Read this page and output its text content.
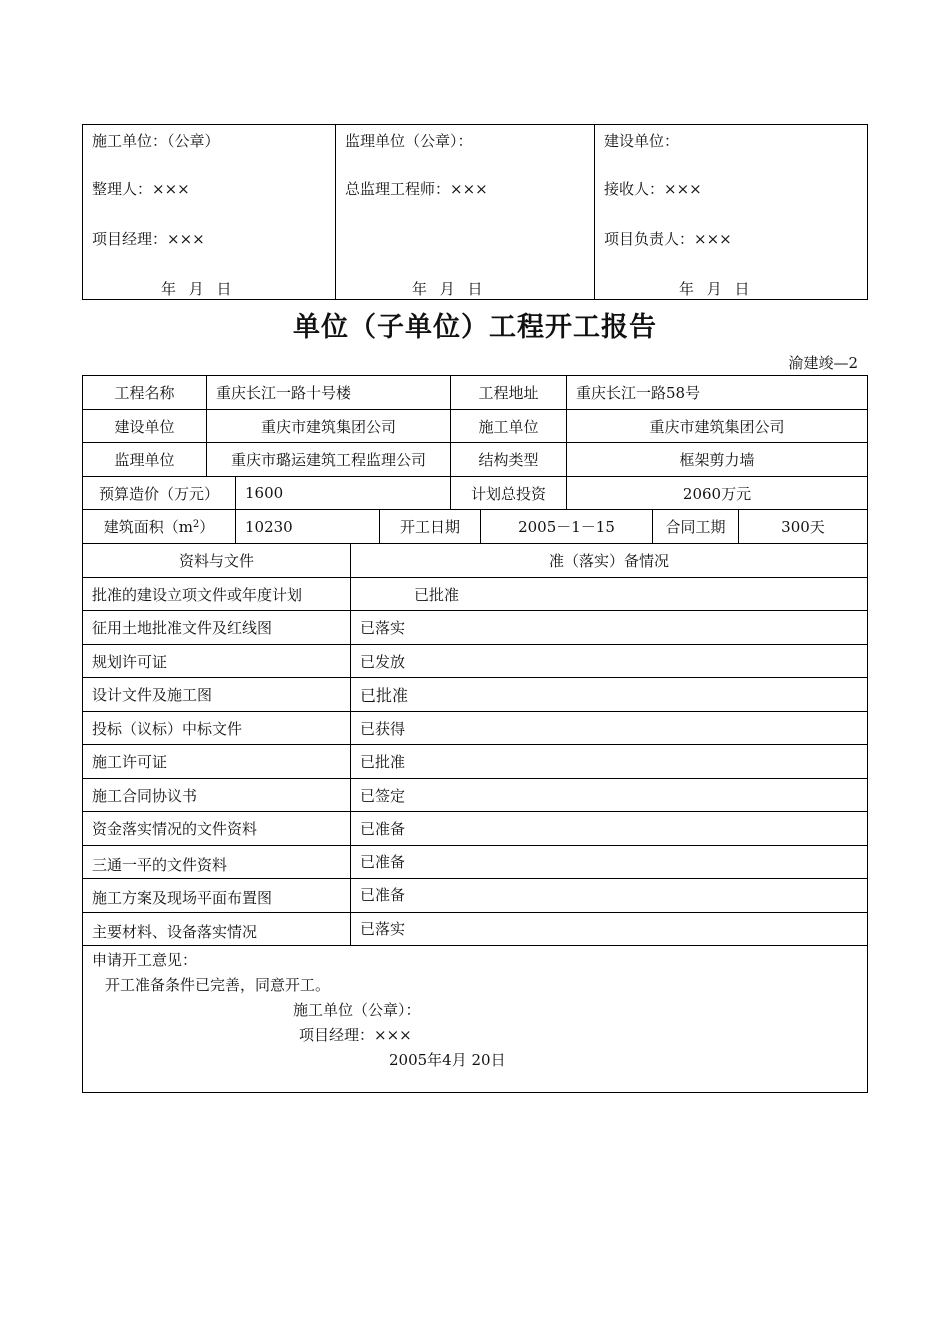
施工单位：（公章）
整理人：×××
项目经理：×××
年 月 日
监理单位（公章）：
总监理工程师：×××
年 月 日
建设单位：
接收人：×××
项目负责人：×××
年 月 日
单位（子单位）工程开工报告
渝建竣—2
工程名称	重庆长江一路十号楼	工程地址	重庆长江一路58号
建设单位	重庆市建筑集团公司	施工单位	重庆市建筑集团公司
监理单位	重庆市璐运建筑工程监理公司	结构类型	框架剪力墙
预算造价（万元）	1600	计划总投资	2060万元
建筑面积（$m^2$ ）	10230	开工日期	2005－1－15	合同工期	300天
资料与文件	准（落实）备情况
批准的建设立项文件或年度计划	已批准
征用土地批准文件及红线图	已落实
规划许可证	已发放
设计文件及施工图	已批准
投标（议标）中标文件	已获得
施工许可证	已批准
施工合同协议书	已签定
资金落实情况的文件资料	已准备
三通一平的文件资料	已准备
施工方案及现场平面布置图	已准备
主要材料、设备落实情况	已落实
申请开工意见：
开工准备条件已完善，同意开工。
施工单位（公章）：
项目经理：×××
2005年4月 20日
